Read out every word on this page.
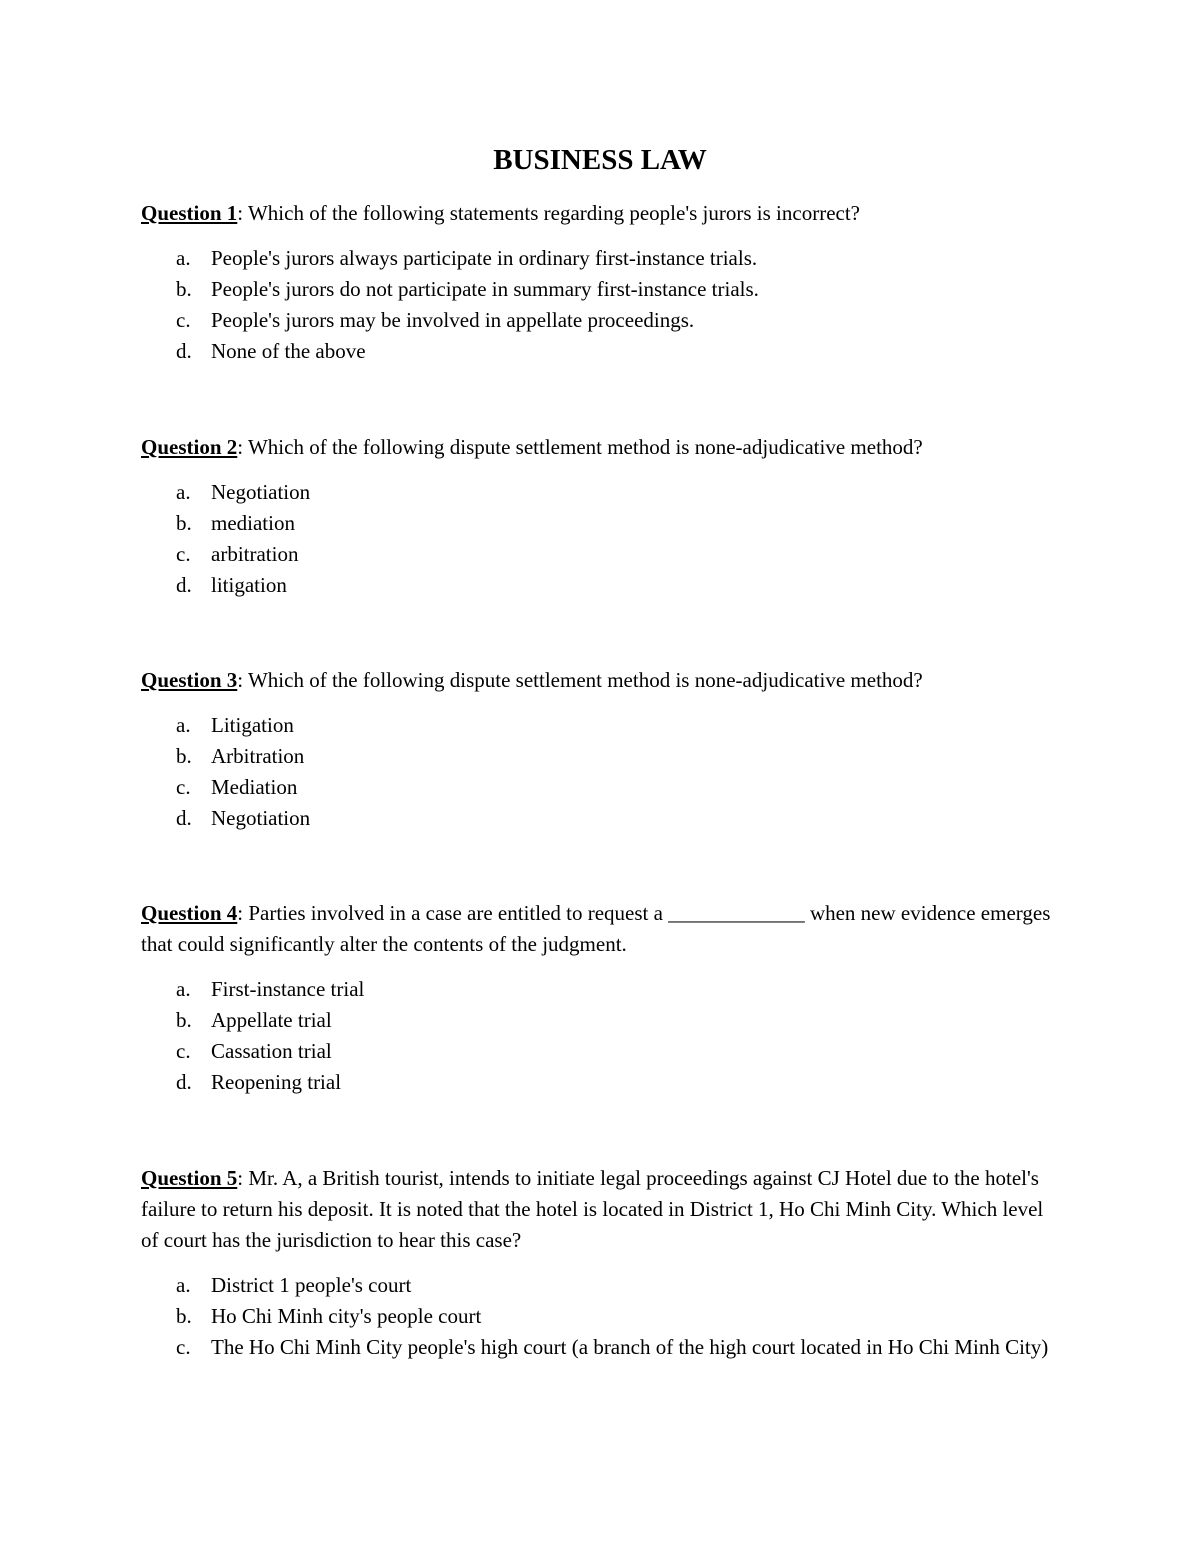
BUSINESS LAW

Question 1: Which of the following statements regarding people's jurors is incorrect?

a. People's jurors always participate in ordinary first-instance trials.
b. People's jurors do not participate in summary first-instance trials.
c. People's jurors may be involved in appellate proceedings.
d. None of the above

Question 2: Which of the following dispute settlement method is none-adjudicative method?

a. Negotiation
b. mediation
c. arbitration
d. litigation

Question 3: Which of the following dispute settlement method is none-adjudicative method?

a. Litigation
b. Arbitration
c. Mediation
d. Negotiation

Question 4: Parties involved in a case are entitled to request a _____________ when new evidence emerges that could significantly alter the contents of the judgment.

a. First-instance trial
b. Appellate trial
c. Cassation trial
d. Reopening trial

Question 5: Mr. A, a British tourist, intends to initiate legal proceedings against CJ Hotel due to the hotel's failure to return his deposit. It is noted that the hotel is located in District 1, Ho Chi Minh City. Which level of court has the jurisdiction to hear this case?

a. District 1 people's court
b. Ho Chi Minh city's people court
c. The Ho Chi Minh City people's high court (a branch of the high court located in Ho Chi Minh City)
